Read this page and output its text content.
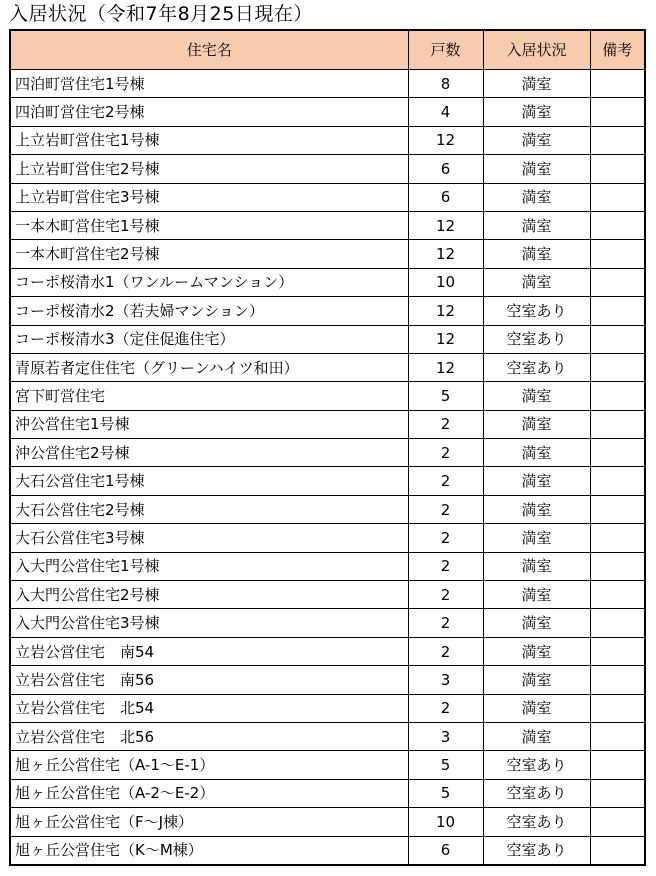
入居状況（令和7年8月25日現在）
住宅名	戸数	入居状況	備考
四泊町営住宅1号棟	8	満室	
四泊町営住宅2号棟	4	満室	
上立岩町営住宅1号棟	12	満室	
上立岩町営住宅2号棟	6	満室	
上立岩町営住宅3号棟	6	満室	
一本木町営住宅1号棟	12	満室	
一本木町営住宅2号棟	12	満室	
コーポ桜清水1（ワンルームマンション）	10	満室	
コーポ桜清水2（若夫婦マンション）	12	空室あり	
コーポ桜清水3（定住促進住宅）	12	空室あり	
青原若者定住住宅（グリーンハイツ和田）	12	空室あり	
宮下町営住宅	5	満室	
沖公営住宅1号棟	2	満室	
沖公営住宅2号棟	2	満室	
大石公営住宅1号棟	2	満室	
大石公営住宅2号棟	2	満室	
大石公営住宅3号棟	2	満室	
入大門公営住宅1号棟	2	満室	
入大門公営住宅2号棟	2	満室	
入大門公営住宅3号棟	2	満室	
立岩公営住宅　南54	2	満室	
立岩公営住宅　南56	3	満室	
立岩公営住宅　北54	2	満室	
立岩公営住宅　北56	3	満室	
旭ヶ丘公営住宅（A-1～E-1）	5	空室あり	
旭ヶ丘公営住宅（A-2～E-2）	5	空室あり	
旭ヶ丘公営住宅（F～J棟）	10	空室あり	
旭ヶ丘公営住宅（K～M棟）	6	空室あり	
